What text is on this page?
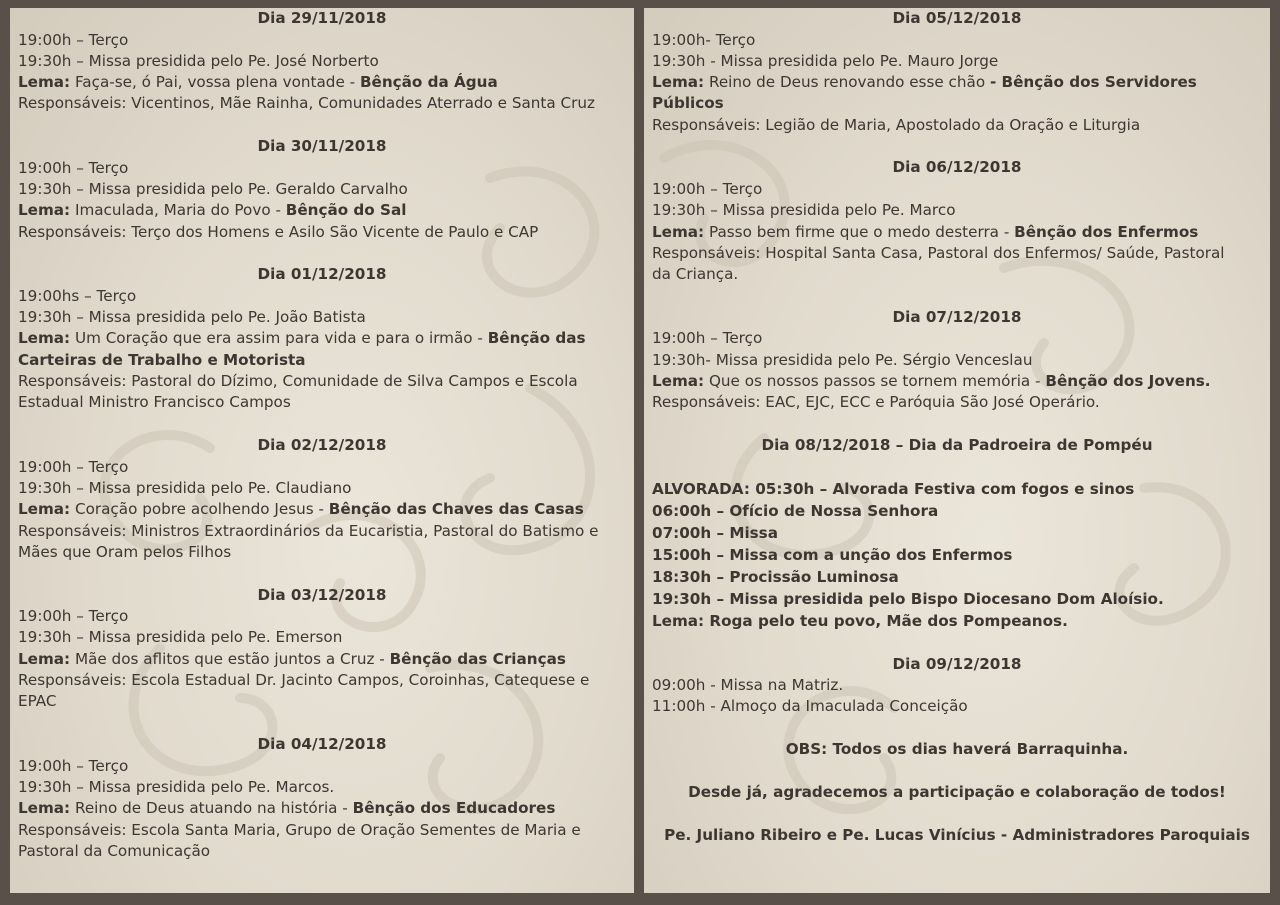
Dia 29/11/2018
19:00h – Terço
19:30h – Missa presidida pelo Pe. José Norberto
Lema: Faça-se, ó Pai, vossa plena vontade - Bênção da Água
Responsáveis: Vicentinos, Mãe Rainha, Comunidades Aterrado e Santa Cruz
Dia 30/11/2018
19:00h – Terço
19:30h – Missa presidida pelo Pe. Geraldo Carvalho
Lema: Imaculada, Maria do Povo - Bênção do Sal
Responsáveis: Terço dos Homens e Asilo São Vicente de Paulo e CAP
Dia 01/12/2018
19:00hs – Terço
19:30h – Missa presidida pelo Pe. João Batista
Lema: Um Coração que era assim para vida e para o irmão - Bênção das
Carteiras de Trabalho e Motorista
Responsáveis: Pastoral do Dízimo, Comunidade de Silva Campos e Escola
Estadual Ministro Francisco Campos
Dia 02/12/2018
19:00h – Terço
19:30h – Missa presidida pelo Pe. Claudiano
Lema: Coração pobre acolhendo Jesus - Bênção das Chaves das Casas
Responsáveis: Ministros Extraordinários da Eucaristia, Pastoral do Batismo e
Mães que Oram pelos Filhos
Dia 03/12/2018
19:00h – Terço
19:30h – Missa presidida pelo Pe. Emerson
Lema: Mãe dos aflitos que estão juntos a Cruz - Bênção das Crianças
Responsáveis: Escola Estadual Dr. Jacinto Campos, Coroinhas, Catequese e
EPAC
Dia 04/12/2018
19:00h – Terço
19:30h – Missa presidida pelo Pe. Marcos.
Lema: Reino de Deus atuando na história - Bênção dos Educadores
Responsáveis: Escola Santa Maria, Grupo de Oração Sementes de Maria e
Pastoral da Comunicação
Dia 05/12/2018
19:00h- Terço
19:30h - Missa presidida pelo Pe. Mauro Jorge
Lema: Reino de Deus renovando esse chão - Bênção dos Servidores
Públicos
Responsáveis: Legião de Maria, Apostolado da Oração e Liturgia
Dia 06/12/2018
19:00h – Terço
19:30h – Missa presidida pelo Pe. Marco
Lema: Passo bem firme que o medo desterra - Bênção dos Enfermos
Responsáveis: Hospital Santa Casa, Pastoral dos Enfermos/ Saúde, Pastoral
da Criança.
Dia 07/12/2018
19:00h – Terço
19:30h- Missa presidida pelo Pe. Sérgio Venceslau
Lema: Que os nossos passos se tornem memória - Bênção dos Jovens.
Responsáveis: EAC, EJC, ECC e Paróquia São José Operário.
Dia 08/12/2018 – Dia da Padroeira de Pompéu
ALVORADA: 05:30h – Alvorada Festiva com fogos e sinos
06:00h – Ofício de Nossa Senhora
07:00h – Missa
15:00h – Missa com a unção dos Enfermos
18:30h – Procissão Luminosa
19:30h – Missa presidida pelo Bispo Diocesano Dom Aloísio.
Lema: Roga pelo teu povo, Mãe dos Pompeanos.
Dia 09/12/2018
09:00h - Missa na Matriz.
11:00h - Almoço da Imaculada Conceição
OBS: Todos os dias haverá Barraquinha.
Desde já, agradecemos a participação e colaboração de todos!
Pe. Juliano Ribeiro e Pe. Lucas Vinícius - Administradores Paroquiais
